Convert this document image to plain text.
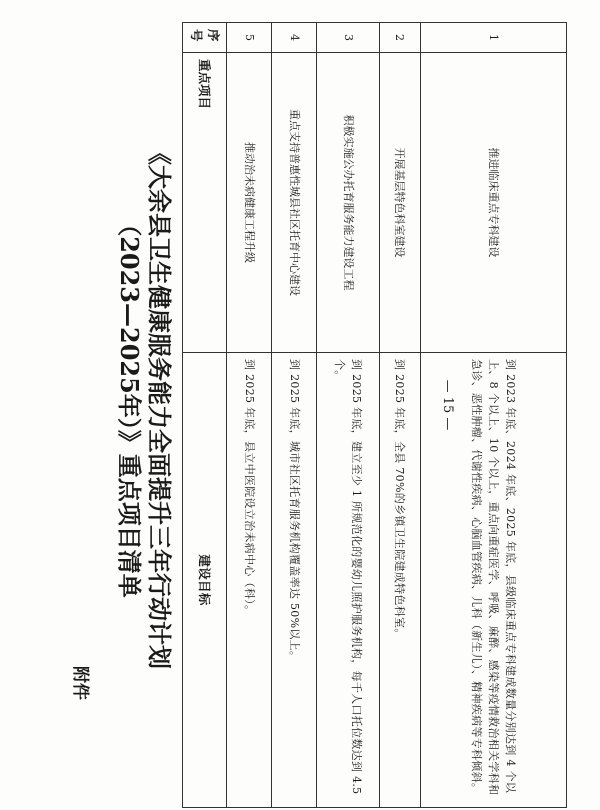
附件
《大余县卫生健康服务能力全面提升三年行动计划
（2023—2025年）》重点项目清单
1	推进临床重点专科建设	到 2023 年底、2024 年底、2025 年底，县级临床重点专科建成数量分别达到 4 个以上、8 个以上、10 个以上，重点向重症医学、呼吸、麻醉、感染等疫情救治相关学科和急诊、恶性肿瘤、代谢性疾病、心脑血管疾病、儿科（新生儿）、精神疾病等专科倾斜。
2	开展基层特色科室建设	到 2025 年底，全县 70%的乡镇卫生院建成特色科室。
3	积极实施公办托育服务能力建设工程	到 2025 年底，建立至少 1 所规范化的婴幼儿照护服务机构，每千人口托位数达到 4.5 个。
4	重点支持普惠性城县社区托育中心建设	到 2025 年底，城市社区托育服务机构覆盖率达 50%以上。
5	推动治未病健康工程升级	到 2025 年底，县立中医院设立治未病中心（科）。
序号	重点项目	建设目标
— 15 —
